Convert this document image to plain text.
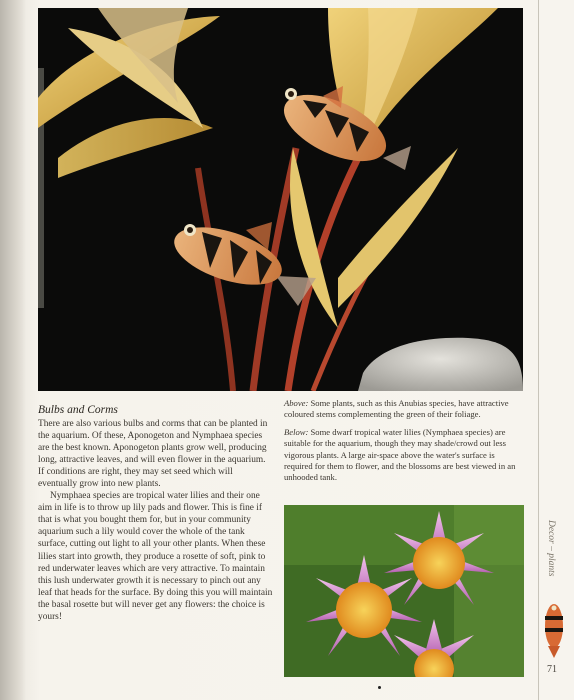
Bulbs and Corms

There are also various bulbs and corms that can be planted in the aquarium. Of these, Aponogeton and Nymphaea species are the best known. Aponogeton plants grow well, producing long, attractive leaves, and will even flower in the aquarium. If conditions are right, they may set seed which will eventually grow into new plants.

Nymphaea species are tropical water lilies and their one aim in life is to throw up lily pads and flower. This is fine if that is what you bought them for, but in your community aquarium such a lily would cover the whole of the tank surface, cutting out light to all your other plants. When these lilies start into growth, they produce a rosette of soft, pink to red underwater leaves which are very attractive. To maintain this lush underwater growth it is necessary to pinch out any leaf that heads for the surface. By doing this you will maintain the basal rosette but will never get any flowers: the choice is yours!

Above: Some plants, such as this Anubias species, have attractive coloured stems complementing the green of their foliage.

Below: Some dwarf tropical water lilies (Nymphaea species) are suitable for the aquarium, though they may shade/crowd out less vigorous plants. A large air-space above the water's surface is required for them to flower, and the blossoms are best viewed in an unhooded tank.

Decor – plants
71
